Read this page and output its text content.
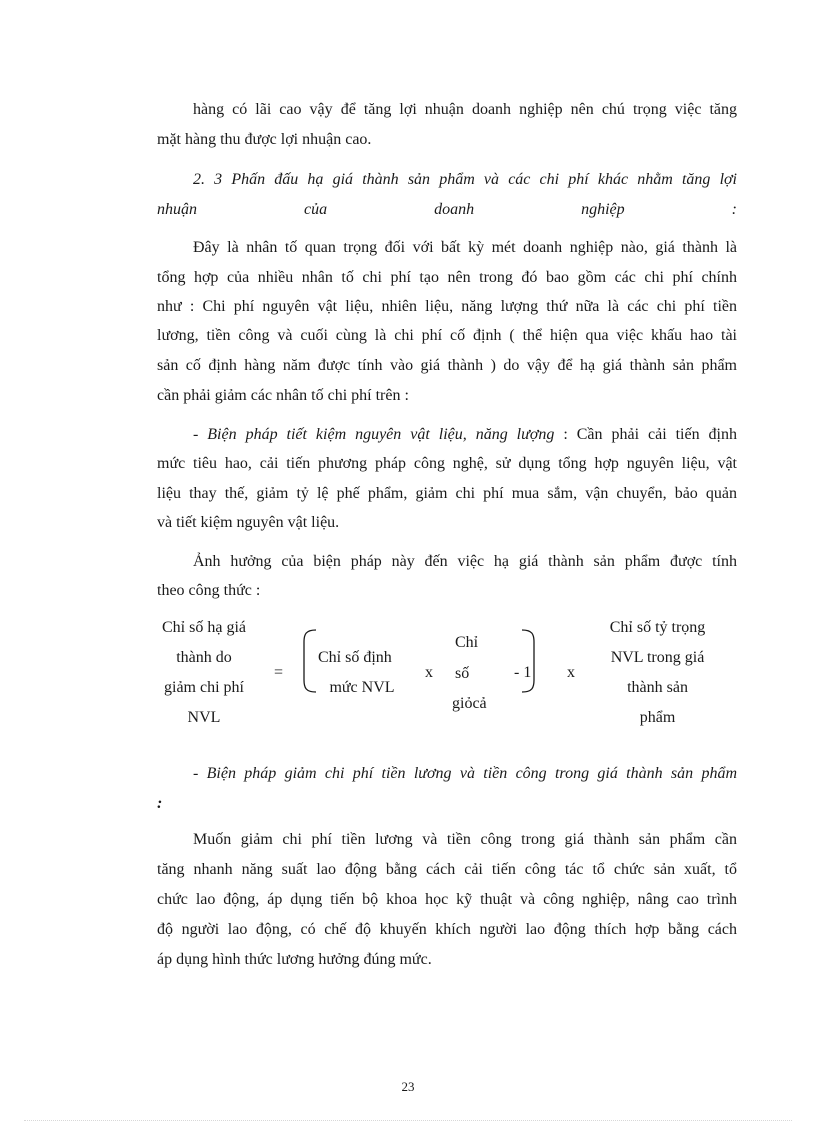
hàng có lãi cao vậy để tăng lợi nhuận doanh nghiệp nên chú trọng việc tăng
mặt hàng thu được lợi nhuận cao.
2. 3 Phấn đấu hạ giá thành sản phẩm và các chi phí khác nhằm tăng lợi
nhuận của doanh nghiệp :
Đây là nhân tố quan trọng đối với bất kỳ mét doanh nghiệp nào, giá thành là
tổng hợp của nhiều nhân tố chi phí tạo nên trong đó bao gồm các chi phí chính
như : Chi phí nguyên vật liệu, nhiên liệu, năng lượng thứ nữa là các chi phí tiền
lương, tiền công và cuối cùng là chi phí cố định ( thể hiện qua việc khấu hao tài
sản cố định hàng năm được tính vào giá thành ) do vậy để hạ giá thành sản phẩm
cần phải giảm các nhân tố chi phí trên :
- Biện pháp tiết kiệm nguyên vật liệu, năng lượng : Cần phải cải tiến định
mức tiêu hao, cải tiến phương pháp công nghệ, sử dụng tổng hợp nguyên liệu, vật
liệu thay thế, giảm tỷ lệ phế phẩm, giảm chi phí mua sắm, vận chuyển, bảo quản
và tiết kiệm nguyên vật liệu.
Ảnh hưởng của biện pháp này đến việc hạ giá thành sản phẩm được tính
theo công thức :
Chỉ số hạ giá
thành do
giảm chi phí
NVL
=
Chỉ số định
mức NVL
x
Chỉ
số
giỏcả
- 1 x
Chỉ số tỷ trọng
NVL trong giá
thành sản
phẩm
- Biện pháp giảm chi phí tiền lương và tiền công trong giá thành sản phẩm
:
Muốn giảm chi phí tiền lương và tiền công trong giá thành sản phẩm cần
tăng nhanh năng suất lao động bằng cách cải tiến công tác tổ chức sản xuất, tổ
chức lao động, áp dụng tiến bộ khoa học kỹ thuật và công nghiệp, nâng cao trình
độ người lao động, có chế độ khuyến khích người lao động thích hợp bằng cách
áp dụng hình thức lương hưởng đúng mức.
23
